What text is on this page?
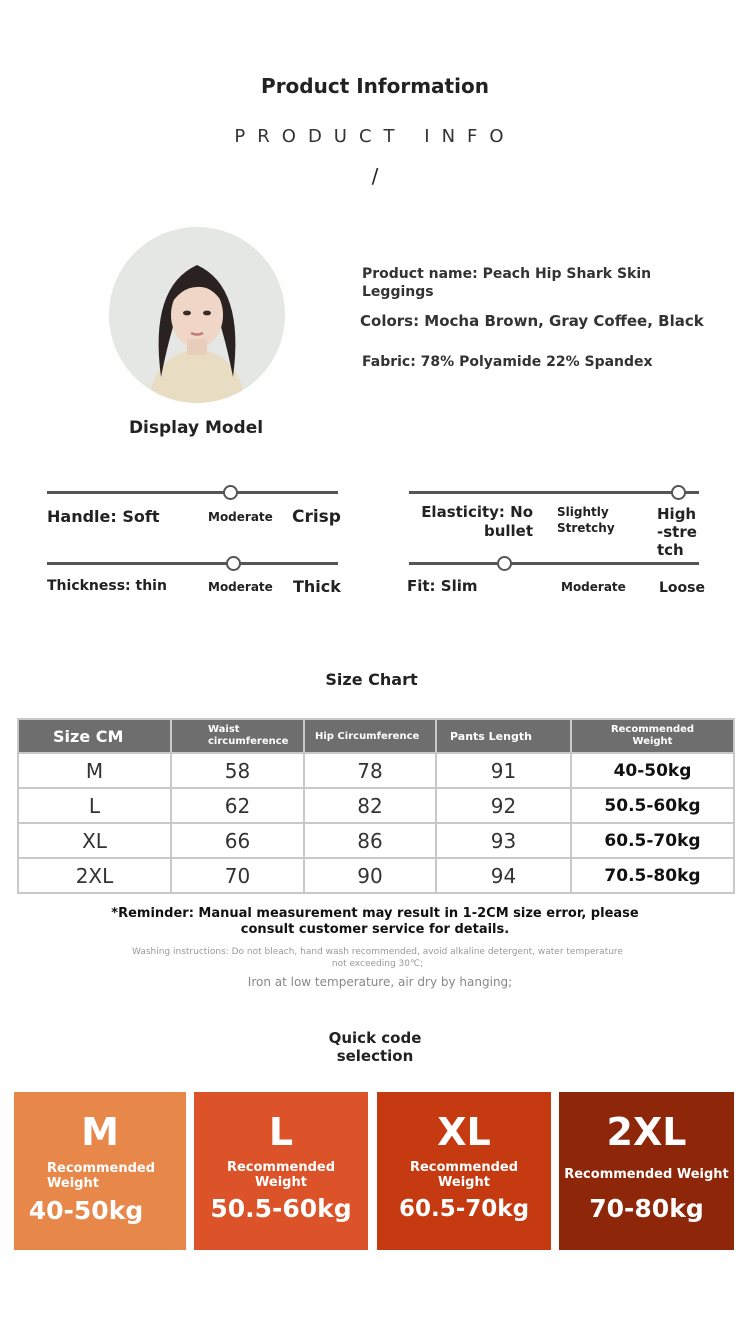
Product Information
PRODUCT INFO
/
Display Model
Product name: Peach Hip Shark Skin Leggings
Colors: Mocha Brown, Gray Coffee, Black
Fabric: 78% Polyamide 22% Spandex
Handle: Soft	Moderate Crisp	Elasticity: No bullet
Slightly Stretchy
High-stretch
Thickness: thin	Moderate Thick	Fit: Slim	Moderate Loose
Size Chart
Size CM	Waist circumference	Hip Circumference	Pants Length	Recommended Weight
M	58	78	91	40-50kg
L	62	82	92	50.5-60kg
XL	66	86	93	60.5-70kg
2XL	70	90	94	70.5-80kg
*Reminder: Manual measurement may result in 1-2CM size error, please consult customer service for details.
Washing instructions: Do not bleach, hand wash recommended, avoid alkaline detergent, water temperature not exceeding 30℃;
Iron at low temperature, air dry by hanging;
Quick code selection
M
Recommended Weight
40-50kg
L
Recommended Weight
50.5-60kg
XL
Recommended Weight
60.5-70kg
2XL
Recommended Weight
70-80kg
